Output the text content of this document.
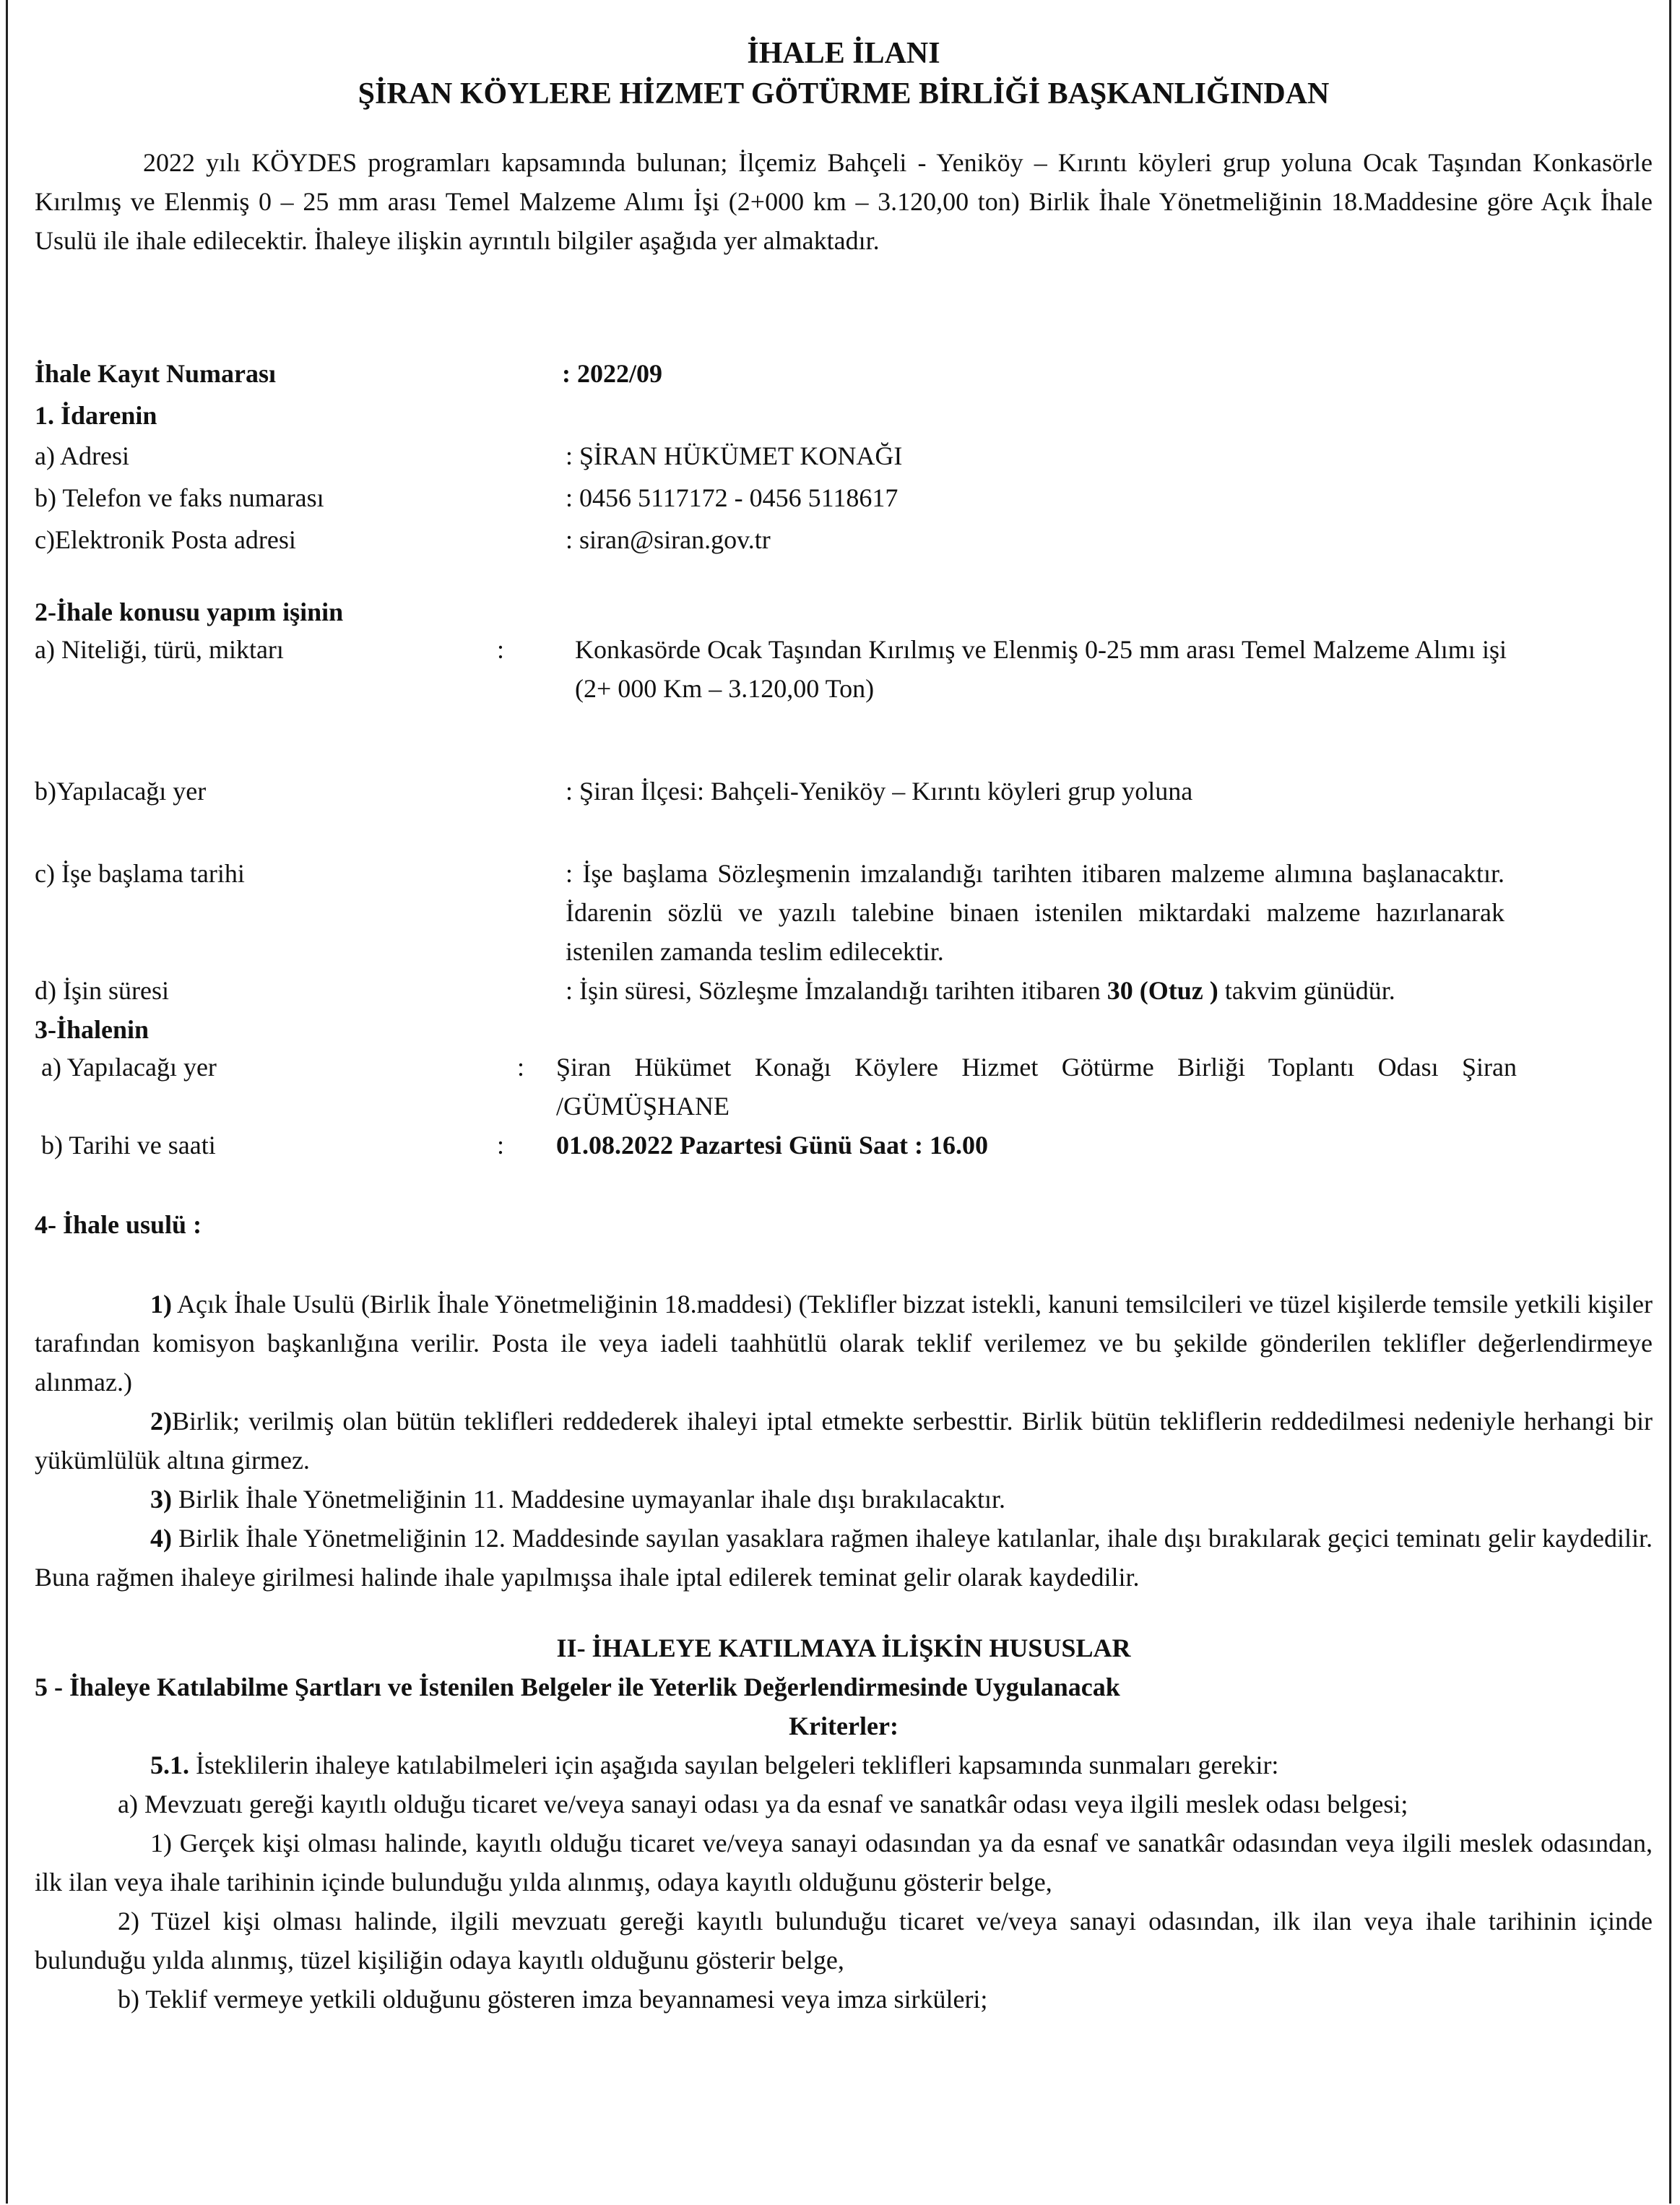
İHALE İLANI

ŞİRAN KÖYLERE HİZMET GÖTÜRME BİRLİĞİ BAŞKANLIĞINDAN

2022 yılı KÖYDES programları kapsamında bulunan; İlçemiz Bahçeli - Yeniköy – Kırıntı köyleri grup yoluna Ocak Taşından Konkasörle Kırılmış ve Elenmiş 0 – 25 mm arası Temel Malzeme Alımı İşi (2+000 km – 3.120,00 ton) Birlik İhale Yönetmeliğinin 18.Maddesine göre Açık İhale Usulü ile ihale edilecektir. İhaleye ilişkin ayrıntılı bilgiler aşağıda yer almaktadır.

İhale Kayıt Numarası	: 2022/09
1. İdarenin
a) Adresi	: ŞİRAN HÜKÜMET KONAĞI
b) Telefon ve faks numarası	: 0456 5117172 - 0456 5118617
c)Elektronik Posta adresi	: siran@siran.gov.tr
2-İhale konusu yapım işinin
a) Niteliği, türü, miktarı	:	Konkasörde Ocak Taşından Kırılmış ve Elenmiş 0-25 mm arası Temel Malzeme Alımı işi (2+ 000 Km – 3.120,00 Ton)

b)Yapılacağı yer	: Şiran İlçesi: Bahçeli-Yeniköy – Kırıntı köyleri grup yoluna
c) İşe başlama tarihi	: İşe başlama Sözleşmenin imzalandığı tarihten itibaren malzeme alımına başlanacaktır. İdarenin sözlü ve yazılı talebine binaen istenilen miktardaki malzeme hazırlanarak istenilen zamanda teslim edilecektir.

d) İşin süresi	: İşin süresi, Sözleşme İmzalandığı tarihten itibaren 30 (Otuz ) takvim günüdür.

3-İhalenin
a) Yapılacağı yer	: Şiran Hükümet Konağı Köylere Hizmet Götürme Birliği Toplantı Odası Şiran /GÜMÜŞHANE

b) Tarihi ve saati	: 01.08.2022 Pazartesi Günü Saat : 16.00

4- İhale usulü :

1) Açık İhale Usulü (Birlik İhale Yönetmeliğinin 18.maddesi) (Teklifler bizzat istekli, kanuni temsilcileri ve tüzel kişilerde temsile yetkili kişiler tarafından komisyon başkanlığına verilir. Posta ile veya iadeli taahhütlü olarak teklif verilemez ve bu şekilde gönderilen teklifler değerlendirmeye alınmaz.)

2)Birlik; verilmiş olan bütün teklifleri reddederek ihaleyi iptal etmekte serbesttir. Birlik bütün tekliflerin reddedilmesi nedeniyle herhangi bir yükümlülük altına girmez.

3) Birlik İhale Yönetmeliğinin 11. Maddesine uymayanlar ihale dışı bırakılacaktır.

4) Birlik İhale Yönetmeliğinin 12. Maddesinde sayılan yasaklara rağmen ihaleye katılanlar, ihale dışı bırakılarak geçici teminatı gelir kaydedilir. Buna rağmen ihaleye girilmesi halinde ihale yapılmışsa ihale iptal edilerek teminat gelir olarak kaydedilir.

II- İHALEYE KATILMAYA İLİŞKİN HUSUSLAR

5 - İhaleye Katılabilme Şartları ve İstenilen Belgeler ile Yeterlik Değerlendirmesinde Uygulanacak

Kriterler:

5.1. İsteklilerin ihaleye katılabilmeleri için aşağıda sayılan belgeleri teklifleri kapsamında sunmaları gerekir:

a) Mevzuatı gereği kayıtlı olduğu ticaret ve/veya sanayi odası ya da esnaf ve sanatkâr odası veya ilgili meslek odası belgesi;

1) Gerçek kişi olması halinde, kayıtlı olduğu ticaret ve/veya sanayi odasından ya da esnaf ve sanatkâr odasından veya ilgili meslek odasından, ilk ilan veya ihale tarihinin içinde bulunduğu yılda alınmış, odaya kayıtlı olduğunu gösterir belge,

2) Tüzel kişi olması halinde, ilgili mevzuatı gereği kayıtlı bulunduğu ticaret ve/veya sanayi odasından, ilk ilan veya ihale tarihinin içinde bulunduğu yılda alınmış, tüzel kişiliğin odaya kayıtlı olduğunu gösterir belge,

b) Teklif vermeye yetkili olduğunu gösteren imza beyannamesi veya imza sirküleri;
